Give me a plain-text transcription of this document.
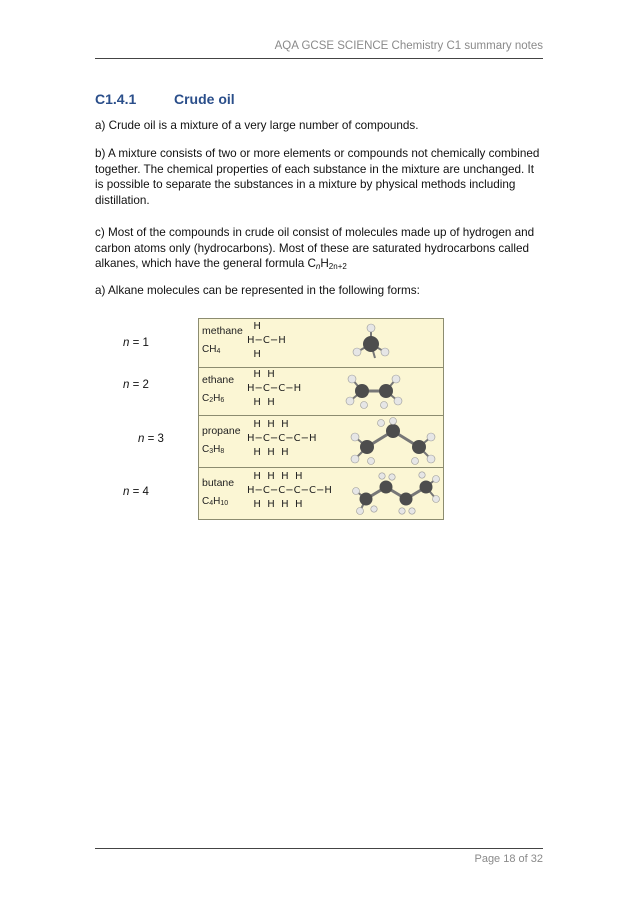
AQA GCSE SCIENCE Chemistry C1 summary notes
C1.4.1	Crude oil
a) Crude oil is a mixture of a very large number of compounds.
b) A mixture consists of two or more elements or compounds not chemically combined together. The chemical properties of each substance in the mixture are unchanged. It is possible to separate the substances in a mixture by physical methods including distillation.
c) Most of the compounds in crude oil consist of molecules made up of hydrogen and carbon atoms only (hydrocarbons). Most of these are saturated hydrocarbons called alkanes, which have the general formula $C_nH_{2n+2}$
a) Alkane molecules can be represented in the following forms:
n = 1
n = 2
n = 3
n = 4
methane
$CH_4$
H
H−C−H
H
ethane
$C_2H_6$
H  H
H−C−C−H
H  H
propane
$C_3H_8$
H  H  H
H−C−C−C−H
H  H  H
butane
$C_4H_{10}$
H  H  H  H
H−C−C−C−C−H
H  H  H  H
Page 18 of 32
